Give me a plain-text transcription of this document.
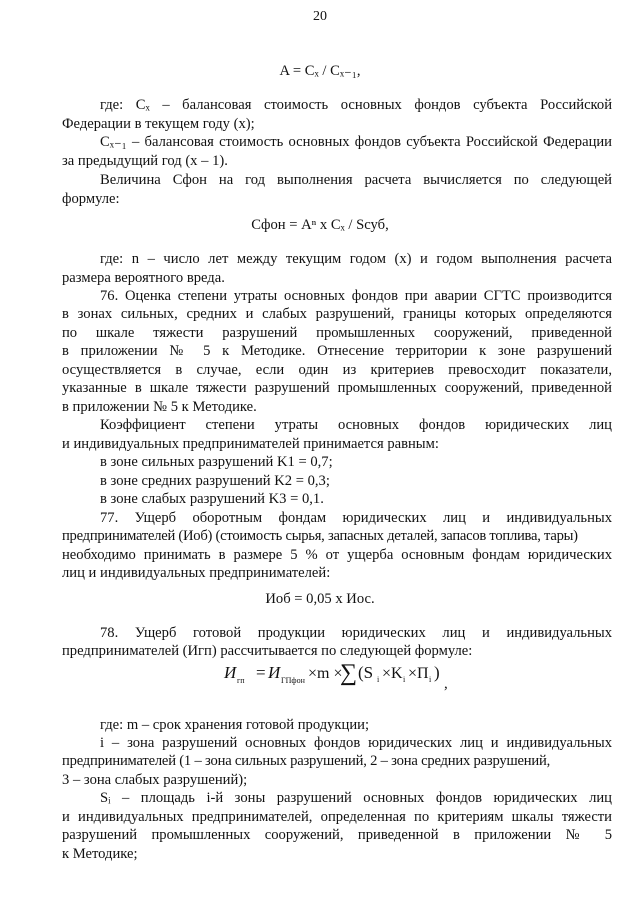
20
A = Cₓ / Cₓ₋₁,
где: Cₓ – балансовая стоимость основных фондов субъекта Российской
Федерации в текущем году (x);
Cₓ₋₁ – балансовая стоимость основных фондов субъекта Российской Федерации
за предыдущий год (x – 1).
Величина Cфон на год выполнения расчета вычисляется по следующей
формуле:
Cфон = Aⁿ x Cₓ / Sсуб,
где: n – число лет между текущим годом (x) и годом выполнения расчета
размера вероятного вреда.
76. Оценка степени утраты основных фондов при аварии СГТС производится
в зонах сильных, средних и слабых разрушений, границы которых определяются
по шкале тяжести разрушений промышленных сооружений, приведенной
в приложении № 5 к Методике. Отнесение территории к зоне разрушений
осуществляется в случае, если один из критериев превосходит показатели,
указанные в шкале тяжести разрушений промышленных сооружений, приведенной
в приложении № 5 к Методике.
Коэффициент степени утраты основных фондов юридических лиц
и индивидуальных предпринимателей принимается равным:
в зоне сильных разрушений K1 = 0,7;
в зоне средних разрушений K2 = 0,3;
в зоне слабых разрушений K3 = 0,1.
77. Ущерб оборотным фондам юридических лиц и индивидуальных
предпринимателей (Иоб) (стоимость сырья, запасных деталей, запасов топлива, тары)
необходимо принимать в размере 5 % от ущерба основным фондам юридических
лиц и индивидуальных предпринимателей:
Иоб = 0,05 x Иос.
78. Ущерб готовой продукции юридических лиц и индивидуальных
предпринимателей (Игп) рассчитывается по следующей формуле:
И гп = И ГПфон ×m ×
∑ (S i ×K i ×Π i )
,
где: m – срок хранения готовой продукции;
i – зона разрушений основных фондов юридических лиц и индивидуальных
предпринимателей (1 – зона сильных разрушений, 2 – зона средних разрушений,
3 – зона слабых разрушений);
Sᵢ – площадь i-й зоны разрушений основных фондов юридических лиц
и индивидуальных предпринимателей, определенная по критериям шкалы тяжести
разрушений промышленных сооружений, приведенной в приложении № 5
к Методике;
